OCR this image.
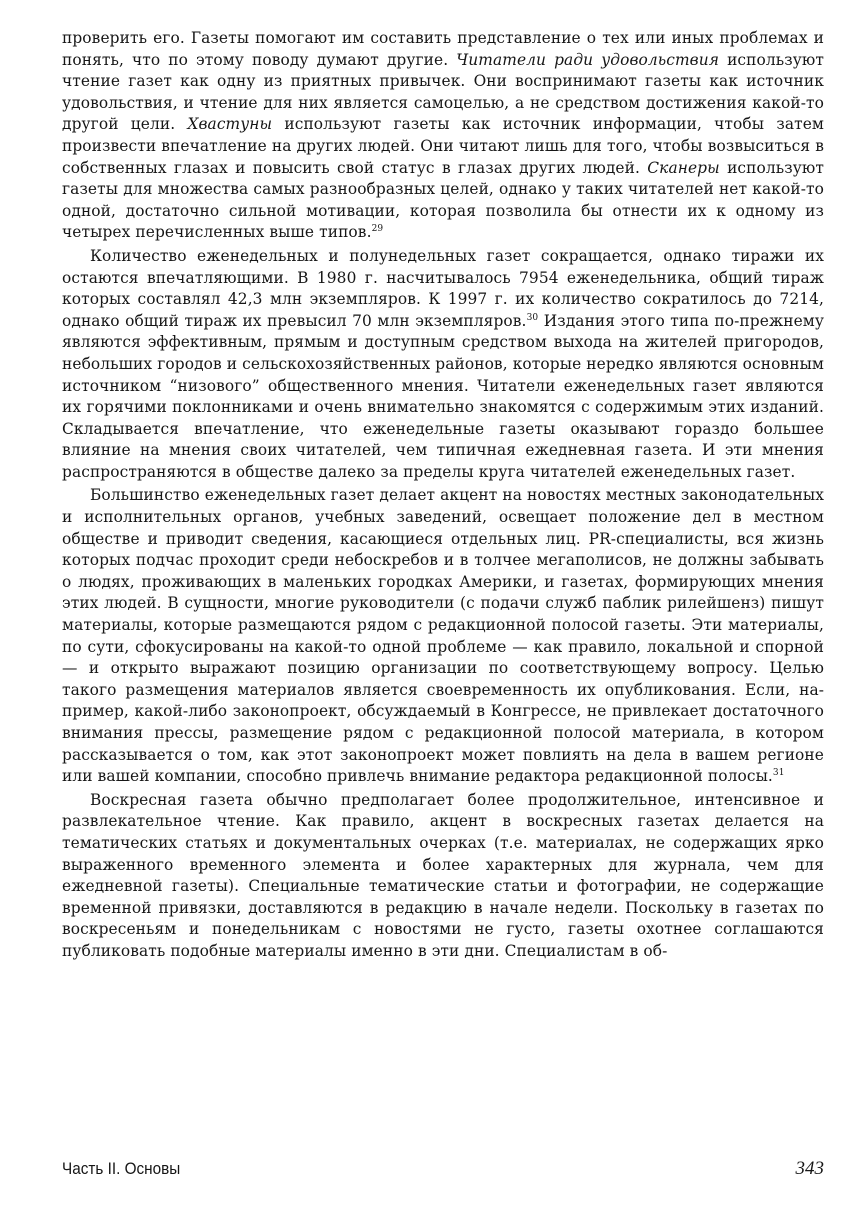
проверить его. Газеты помогают им составить представление о тех или иных проблемах и понять, что по этому поводу думают другие. Читатели ради удовольствия используют чтение газет как одну из приятных привычек. Они воспринимают газеты как источник удовольствия, и чтение для них является самоцелью, а не средством достижения какой-то другой цели. Хвастуны используют газеты как источник информации, чтобы затем произвести впечатление на других людей. Они читают лишь для того, чтобы возвыситься в собственных глазах и повысить свой статус в глазах других людей. Сканеры используют газеты для множества самых разнообразных целей, однако у таких читателей нет какой-то одной, достаточно сильной мотивации, которая позволила бы отнести их к одному из четырех перечисленных выше типов.$^{29}$

Количество еженедельных и полунедельных газет сокращается, однако тиражи их остаются впечатляющими. В 1980 г. насчитывалось 7954 еженедельника, общий тираж которых составлял 42,3 млн экземпляров. К 1997 г. их количество сократилось до 7214, однако общий тираж их превысил 70 млн экземпляров.$^{30}$ Издания этого типа по-прежнему являются эффективным, прямым и доступным средством выхода на жителей пригородов, небольших городов и сельскохозяйственных районов, которые нередко являются основным источником “низового” общественного мнения. Читатели еженедельных газет являются их горячими поклонниками и очень внимательно знакомятся с содержимым этих изданий. Складывается впечатление, что еженедельные газеты оказывают гораздо большее влияние на мнения своих читателей, чем типичная ежедневная газета. И эти мнения распространяются в обществе далеко за пределы круга читателей еженедельных газет.

Большинство еженедельных газет делает акцент на новостях местных законодательных и исполнительных органов, учебных заведений, освещает положение дел в местном обществе и приводит сведения, касающиеся отдельных лиц. PR-специалисты, вся жизнь которых подчас проходит среди небоскребов и в толчее мегаполисов, не должны забывать о людях, проживающих в маленьких городках Америки, и газетах, формирующих мнения этих людей. В сущности, многие руководители (с подачи служб паблик рилейшенз) пишут материалы, которые размещаются рядом с редакционной полосой газеты. Эти материалы, по сути, сфокусированы на какой-то одной проблеме — как правило, локальной и спорной — и открыто выражают позицию организации по соответствующему вопросу. Целью такого размещения материалов является своевременность их опубликования. Если, например, какой-либо законопроект, обсуждаемый в Конгрессе, не привлекает достаточного внимания прессы, размещение рядом с редакционной полосой материала, в котором рассказывается о том, как этот законопроект может повлиять на дела в вашем регионе или вашей компании, способно привлечь внимание редактора редакционной полосы.$^{31}$

Воскресная газета обычно предполагает более продолжительное, интенсивное и развлекательное чтение. Как правило, акцент в воскресных газетах делается на тематических статьях и документальных очерках (т.е. материалах, не содержащих ярко выраженного временного элемента и более характерных для журнала, чем для ежедневной газеты). Специальные тематические статьи и фотографии, не содержащие временной привязки, доставляются в редакцию в начале недели. Поскольку в газетах по воскресеньям и понедельникам с новостями не густо, газеты охотнее соглашаются публиковать подобные материалы именно в эти дни. Специалистам в об-

Часть II. Основы	343
